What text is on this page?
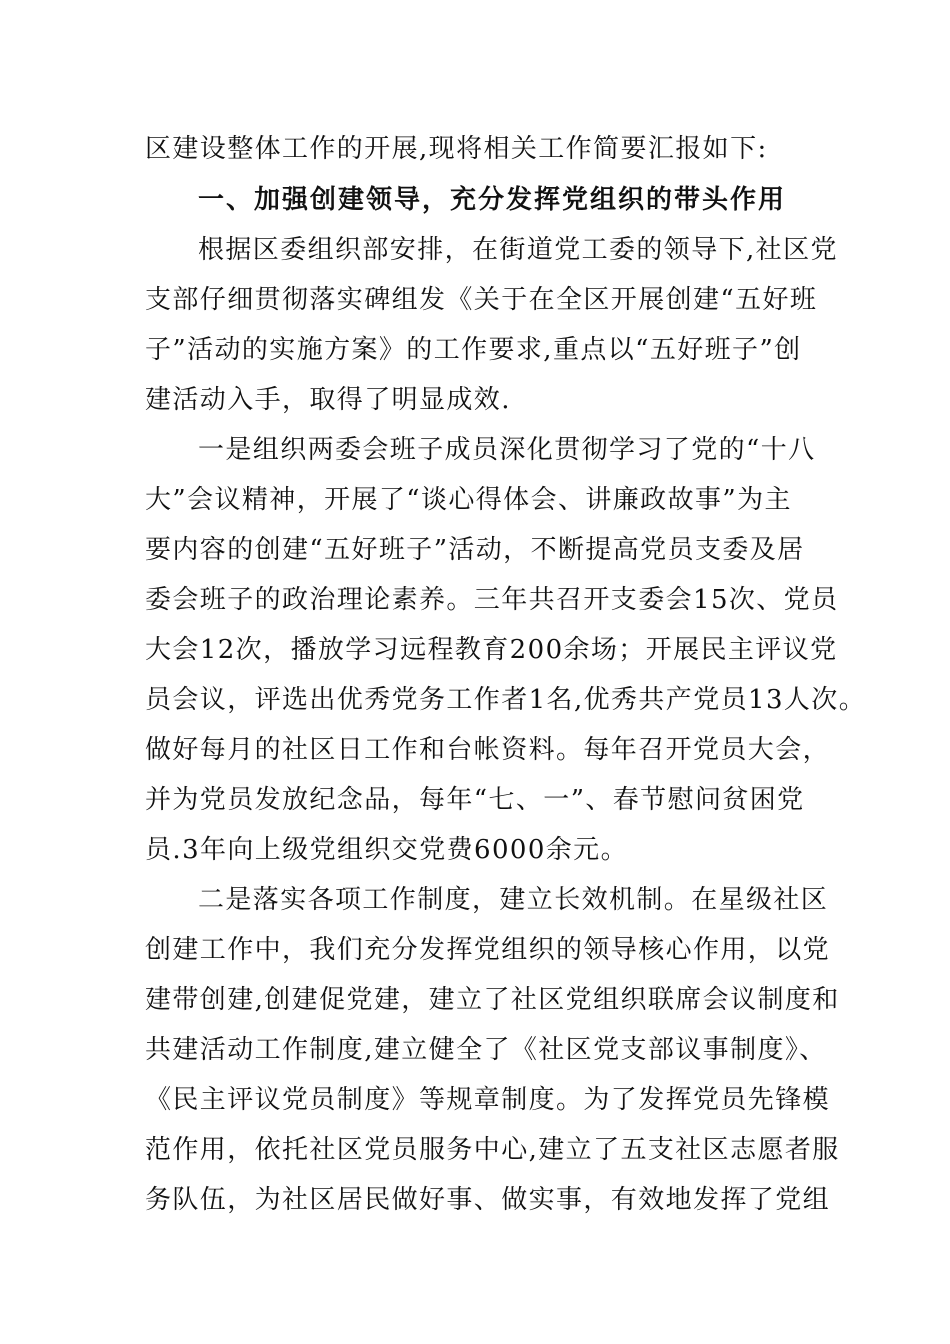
区建设整体工作的开展,现将相关工作简要汇报如下:
一、加强创建领导，充分发挥党组织的带头作用
根据区委组织部安排，在街道党工委的领导下,社区党
支部仔细贯彻落实碑组发《关于在全区开展创建“五好班
子”活动的实施方案》的工作要求,重点以“五好班子”创
建活动入手，取得了明显成效.
一是组织两委会班子成员深化贯彻学习了党的“十八
大”会议精神，开展了“谈心得体会、讲廉政故事”为主
要内容的创建“五好班子”活动，不断提高党员支委及居
委会班子的政治理论素养。三年共召开支委会15次、党员
大会12次，播放学习远程教育200余场；开展民主评议党
员会议，评选出优秀党务工作者1名,优秀共产党员13人次。
做好每月的社区日工作和台帐资料。每年召开党员大会，
并为党员发放纪念品，每年“七、一”、春节慰问贫困党
员.3年向上级党组织交党费6000余元。
二是落实各项工作制度，建立长效机制。在星级社区
创建工作中，我们充分发挥党组织的领导核心作用，以党
建带创建,创建促党建，建立了社区党组织联席会议制度和
共建活动工作制度,建立健全了《社区党支部议事制度》、
《民主评议党员制度》等规章制度。为了发挥党员先锋模
范作用，依托社区党员服务中心,建立了五支社区志愿者服
务队伍，为社区居民做好事、做实事，有效地发挥了党组
